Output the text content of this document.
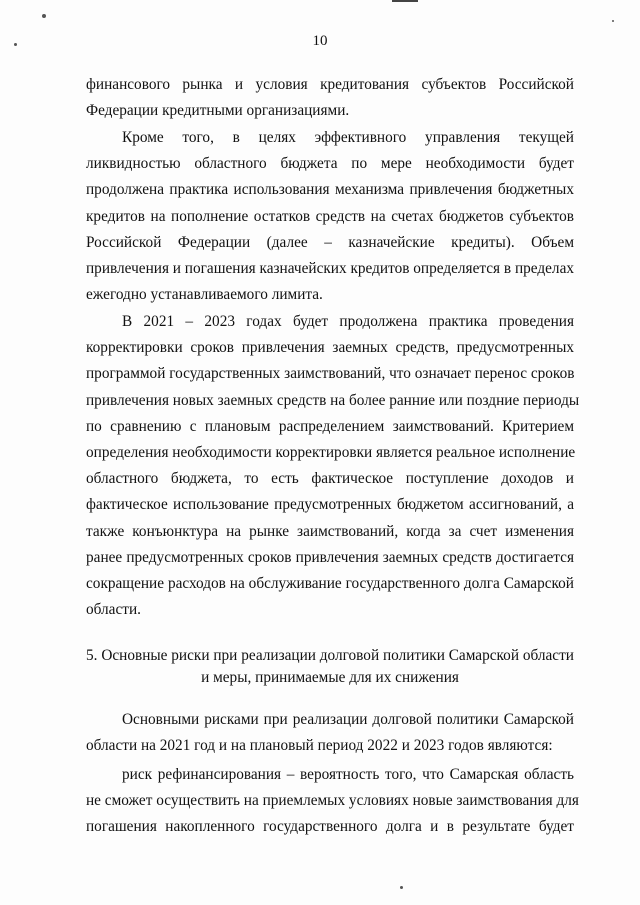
10
финансового рынка и условия кредитования субъектов Российской
Федерации кредитными организациями.
Кроме того, в целях эффективного управления текущей
ликвидностью областного бюджета по мере необходимости будет
продолжена практика использования механизма привлечения бюджетных
кредитов на пополнение остатков средств на счетах бюджетов субъектов
Российской Федерации (далее – казначейские кредиты). Объем
привлечения и погашения казначейских кредитов определяется в пределах
ежегодно устанавливаемого лимита.
В 2021 – 2023 годах будет продолжена практика проведения
корректировки сроков привлечения заемных средств, предусмотренных
программой государственных заимствований, что означает перенос сроков
привлечения новых заемных средств на более ранние или поздние периоды
по сравнению с плановым распределением заимствований. Критерием
определения необходимости корректировки является реальное исполнение
областного бюджета, то есть фактическое поступление доходов и
фактическое использование предусмотренных бюджетом ассигнований, а
также конъюнктура на рынке заимствований, когда за счет изменения
ранее предусмотренных сроков привлечения заемных средств достигается
сокращение расходов на обслуживание государственного долга Самарской
области.
5. Основные риски при реализации долговой политики Самарской области
и меры, принимаемые для их снижения
Основными рисками при реализации долговой политики Самарской
области на 2021 год и на плановый период 2022 и 2023 годов являются:
риск рефинансирования – вероятность того, что Самарская область
не сможет осуществить на приемлемых условиях новые заимствования для
погашения накопленного государственного долга и в результате будет
